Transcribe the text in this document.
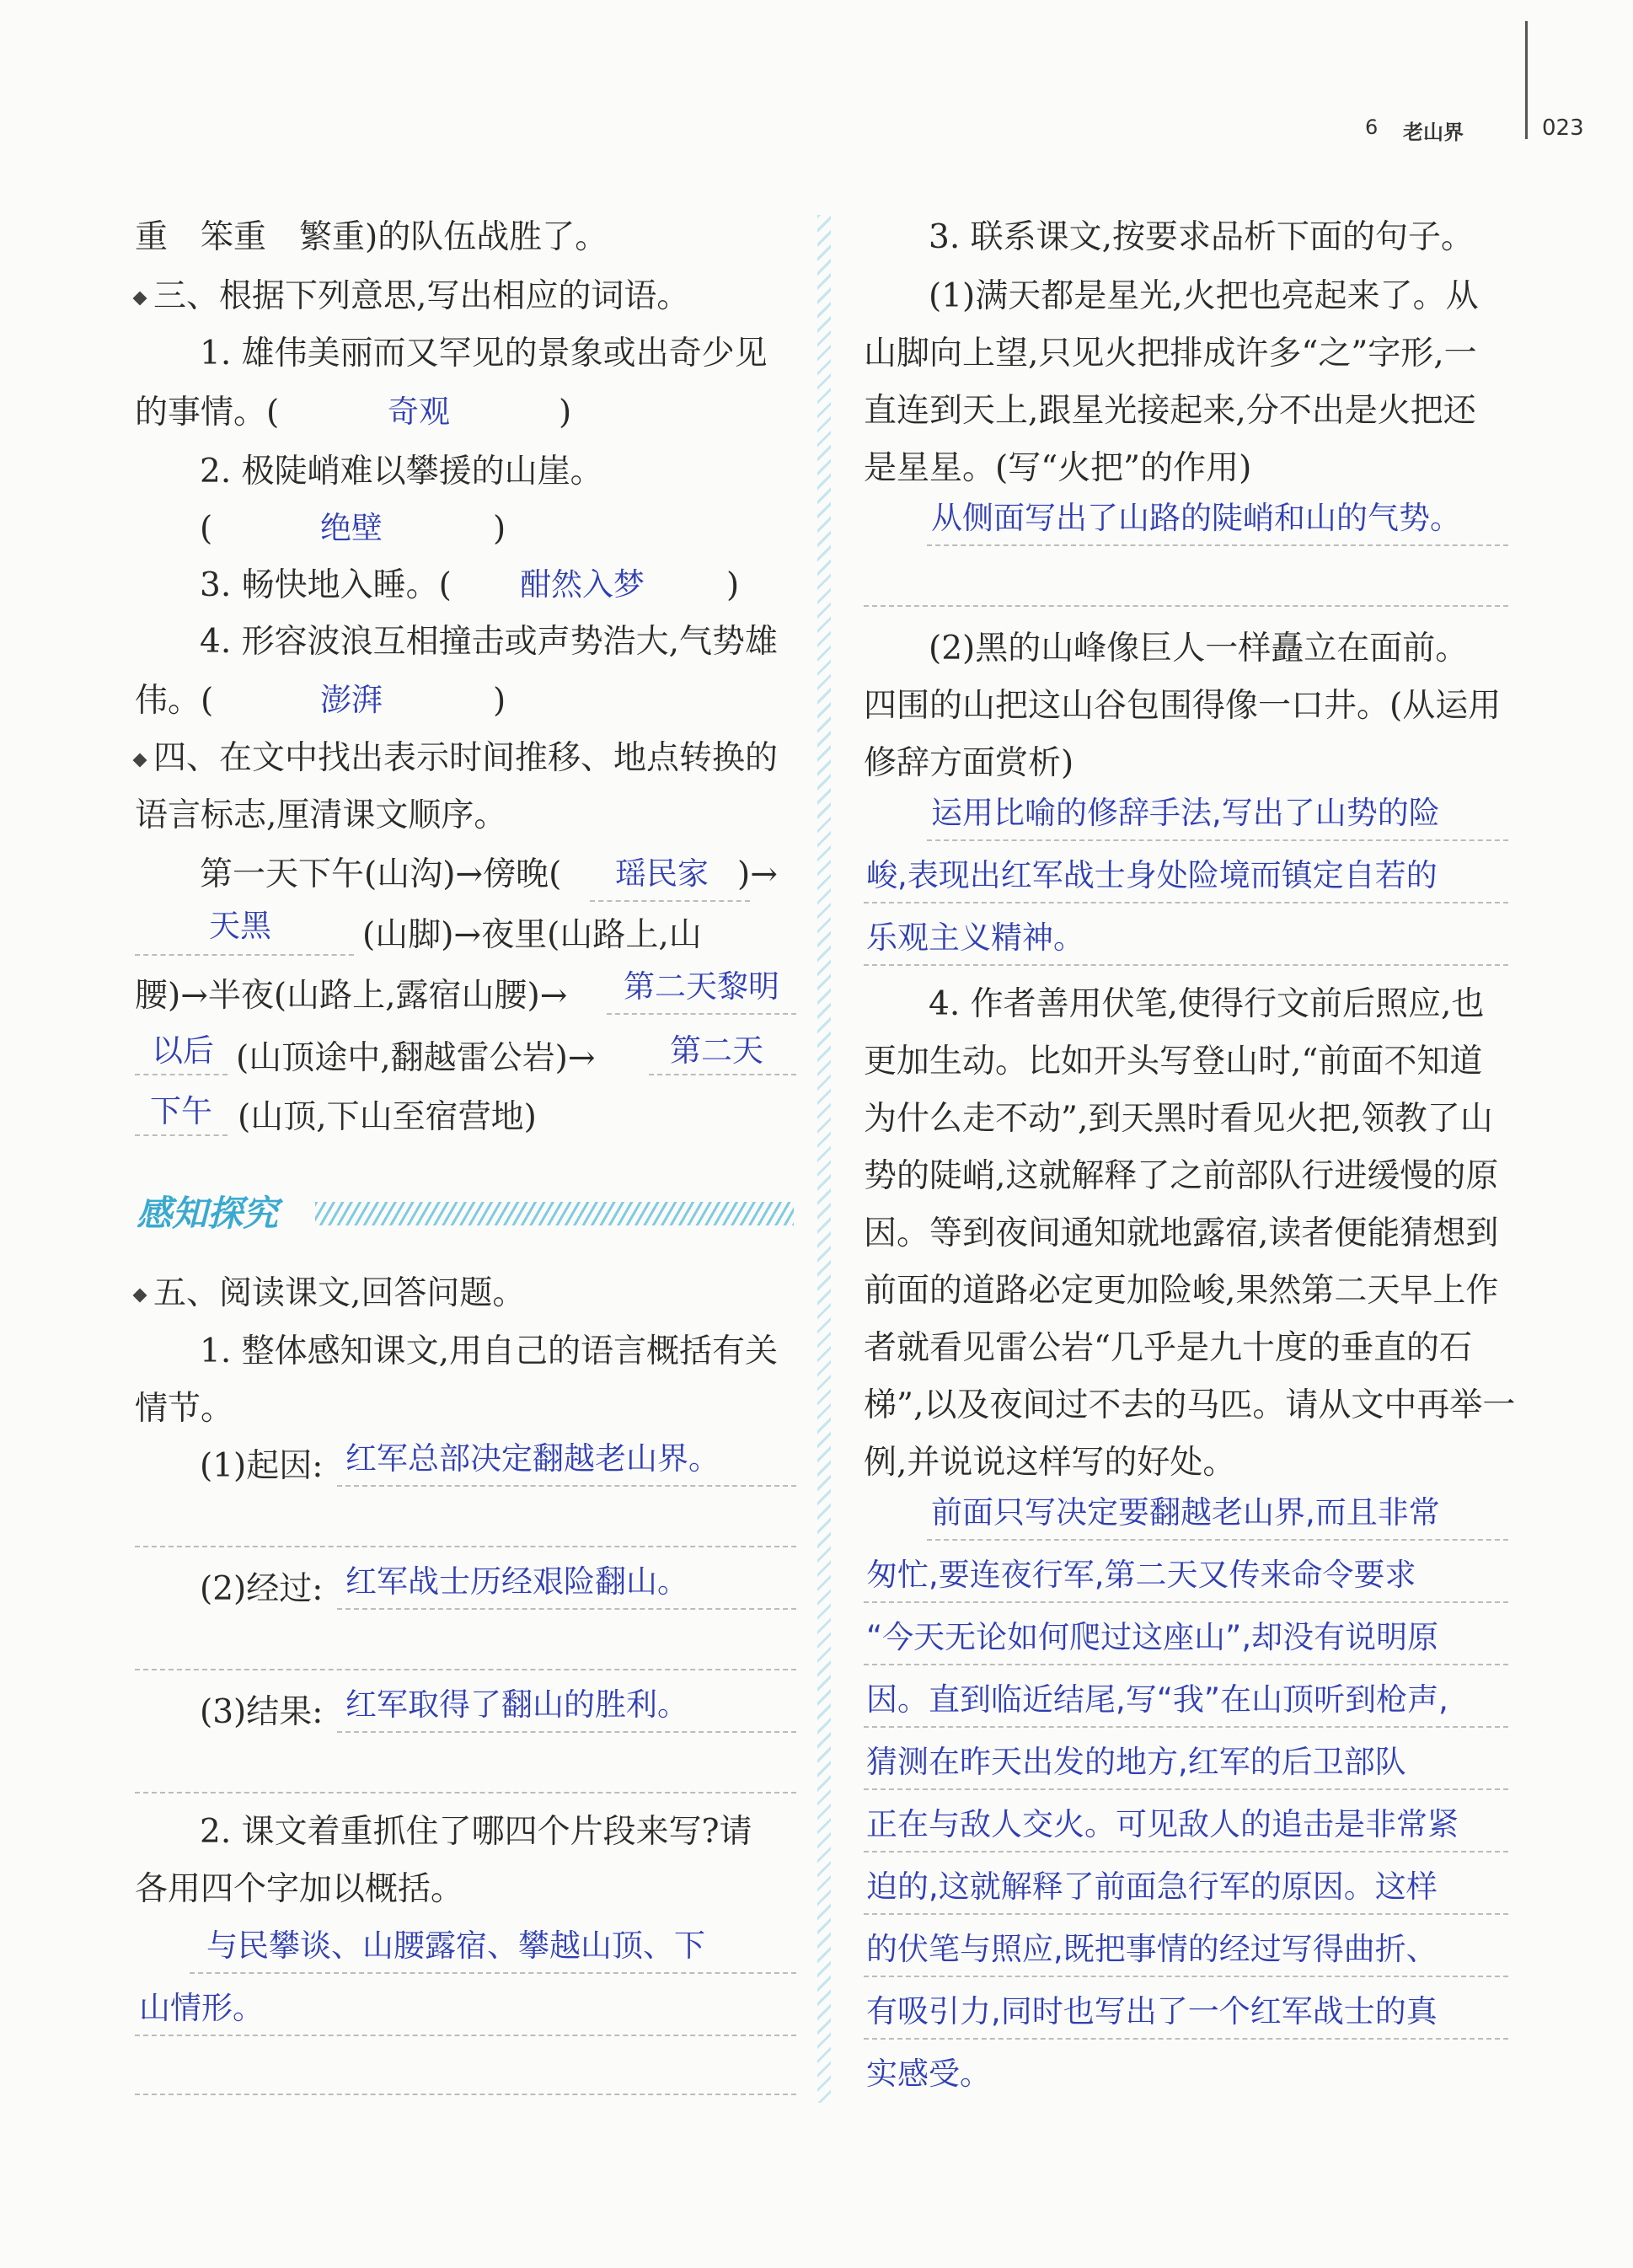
6 老山界	023
重　笨重　繁重)的队伍战胜了。
三、根据下列意思,写出相应的词语。
1. 雄伟美丽而又罕见的景象或出奇少见
的事情。(	奇观	)
2. 极陡峭难以攀援的山崖。
(	绝壁	)
3. 畅快地入睡。( 酣然入梦 )
4. 形容波浪互相撞击或声势浩大,气势雄
伟。(	澎湃	)
四、在文中找出表示时间推移、地点转换的
语言标志,厘清课文顺序。
第一天下午(山沟)→傍晚( 瑶民家 )→
天黑	(山脚)→夜里(山路上,山
腰)→半夜(山路上,露宿山腰)→ 第二天黎明
以后 (山顶途中,翻越雷公岩)→ 第二天
下午 (山顶,下山至宿营地)
感知探究
五、阅读课文,回答问题。
1. 整体感知课文,用自己的语言概括有关
情节。
(1)起因: 红军总部决定翻越老山界。
(2)经过: 红军战士历经艰险翻山。
(3)结果: 红军取得了翻山的胜利。
2. 课文着重抓住了哪四个片段来写?请
各用四个字加以概括。
与民攀谈、山腰露宿、攀越山顶、下
山情形。
3. 联系课文,按要求品析下面的句子。
(1)满天都是星光,火把也亮起来了。从
山脚向上望,只见火把排成许多“之”字形,一
直连到天上,跟星光接起来,分不出是火把还
是星星。(写“火把”的作用)
从侧面写出了山路的陡峭和山的气势。
(2)黑的山峰像巨人一样矗立在面前。
四围的山把这山谷包围得像一口井。(从运用
修辞方面赏析)
运用比喻的修辞手法,写出了山势的险
峻,表现出红军战士身处险境而镇定自若的
乐观主义精神。
4. 作者善用伏笔,使得行文前后照应,也
更加生动。比如开头写登山时,“前面不知道
为什么走不动”,到天黑时看见火把,领教了山
势的陡峭,这就解释了之前部队行进缓慢的原
因。等到夜间通知就地露宿,读者便能猜想到
前面的道路必定更加险峻,果然第二天早上作
者就看见雷公岩“几乎是九十度的垂直的石
梯”,以及夜间过不去的马匹。请从文中再举一
例,并说说这样写的好处。
前面只写决定要翻越老山界,而且非常
匆忙,要连夜行军,第二天又传来命令要求
“今天无论如何爬过这座山”,却没有说明原
因。直到临近结尾,写“我”在山顶听到枪声,
猜测在昨天出发的地方,红军的后卫部队
正在与敌人交火。可见敌人的追击是非常紧
迫的,这就解释了前面急行军的原因。这样
的伏笔与照应,既把事情的经过写得曲折、
有吸引力,同时也写出了一个红军战士的真
实感受。
